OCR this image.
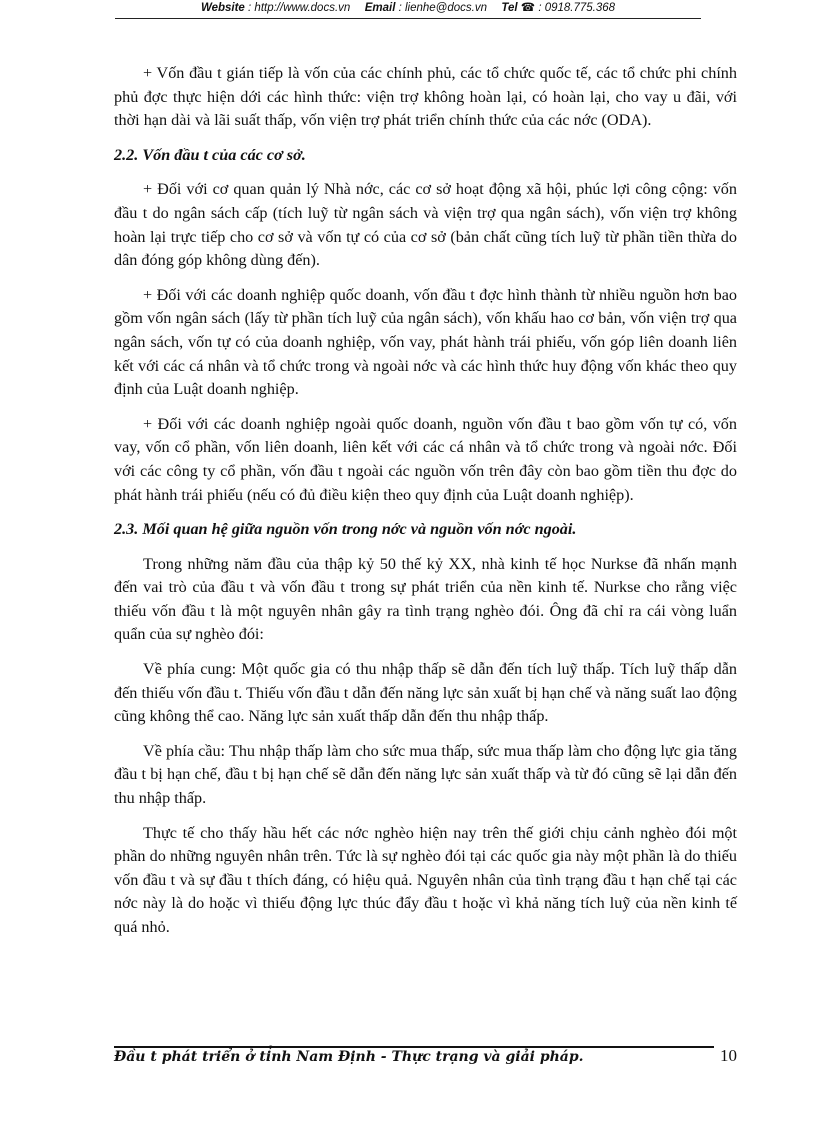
Website : http://www.docs.vn Email : lienhe@docs.vn Tel ☎ : 0918.775.368

+ Vốn đầu t gián tiếp là vốn của các chính phủ, các tổ chức quốc tế, các tổ chức phi chính phủ đợc thực hiện dới các hình thức: viện trợ không hoàn lại, có hoàn lại, cho vay u đãi, với thời hạn dài và lãi suất thấp, vốn viện trợ phát triển chính thức của các nớc (ODA).

2.2. Vốn đầu t của các cơ sở.

+ Đối với cơ quan quản lý Nhà nớc, các cơ sở hoạt động xã hội, phúc lợi công cộng: vốn đầu t do ngân sách cấp (tích luỹ từ ngân sách và viện trợ qua ngân sách), vốn viện trợ không hoàn lại trực tiếp cho cơ sở và vốn tự có của cơ sở (bản chất cũng tích luỹ từ phần tiền thừa do dân đóng góp không dùng đến).

+ Đối với các doanh nghiệp quốc doanh, vốn đầu t đợc hình thành từ nhiều nguồn hơn bao gồm vốn ngân sách (lấy từ phần tích luỹ của ngân sách), vốn khấu hao cơ bản, vốn viện trợ qua ngân sách, vốn tự có của doanh nghiệp, vốn vay, phát hành trái phiếu, vốn góp liên doanh liên kết với các cá nhân và tổ chức trong và ngoài nớc và các hình thức huy động vốn khác theo quy định của Luật doanh nghiệp.

+ Đối với các doanh nghiệp ngoài quốc doanh, nguồn vốn đầu t bao gồm vốn tự có, vốn vay, vốn cổ phần, vốn liên doanh, liên kết với các cá nhân và tổ chức trong và ngoài nớc. Đối với các công ty cổ phần, vốn đầu t ngoài các nguồn vốn trên đây còn bao gồm tiền thu đợc do phát hành trái phiếu (nếu có đủ điều kiện theo quy định của Luật doanh nghiệp).

2.3. Mối quan hệ giữa nguồn vốn trong nớc và nguồn vốn nớc ngoài.

Trong những năm đầu của thập kỷ 50 thế kỷ XX, nhà kinh tế học Nurkse đã nhấn mạnh đến vai trò của đầu t và vốn đầu t trong sự phát triển của nền kinh tế. Nurkse cho rằng việc thiếu vốn đầu t là một nguyên nhân gây ra tình trạng nghèo đói. Ông đã chỉ ra cái vòng luẩn quẩn của sự nghèo đói:

Về phía cung: Một quốc gia có thu nhập thấp sẽ dẫn đến tích luỹ thấp. Tích luỹ thấp dẫn đến thiếu vốn đầu t. Thiếu vốn đầu t dẫn đến năng lực sản xuất bị hạn chế và năng suất lao động cũng không thể cao. Năng lực sản xuất thấp dẫn đến thu nhập thấp.

Về phía cầu: Thu nhập thấp làm cho sức mua thấp, sức mua thấp làm cho động lực gia tăng đầu t bị hạn chế, đầu t bị hạn chế sẽ dẫn đến năng lực sản xuất thấp và từ đó cũng sẽ lại dẫn đến thu nhập thấp.

Thực tế cho thấy hầu hết các nớc nghèo hiện nay trên thế giới chịu cảnh nghèo đói một phần do những nguyên nhân trên. Tức là sự nghèo đói tại các quốc gia này một phần là do thiếu vốn đầu t và sự đầu t thích đáng, có hiệu quả. Nguyên nhân của tình trạng đầu t hạn chế tại các nớc này là do hoặc vì thiếu động lực thúc đẩy đầu t hoặc vì khả năng tích luỹ của nền kinh tế quá nhỏ.

Đầu t phát triển ở tỉnh Nam Định - Thực trạng và giải pháp.	10
